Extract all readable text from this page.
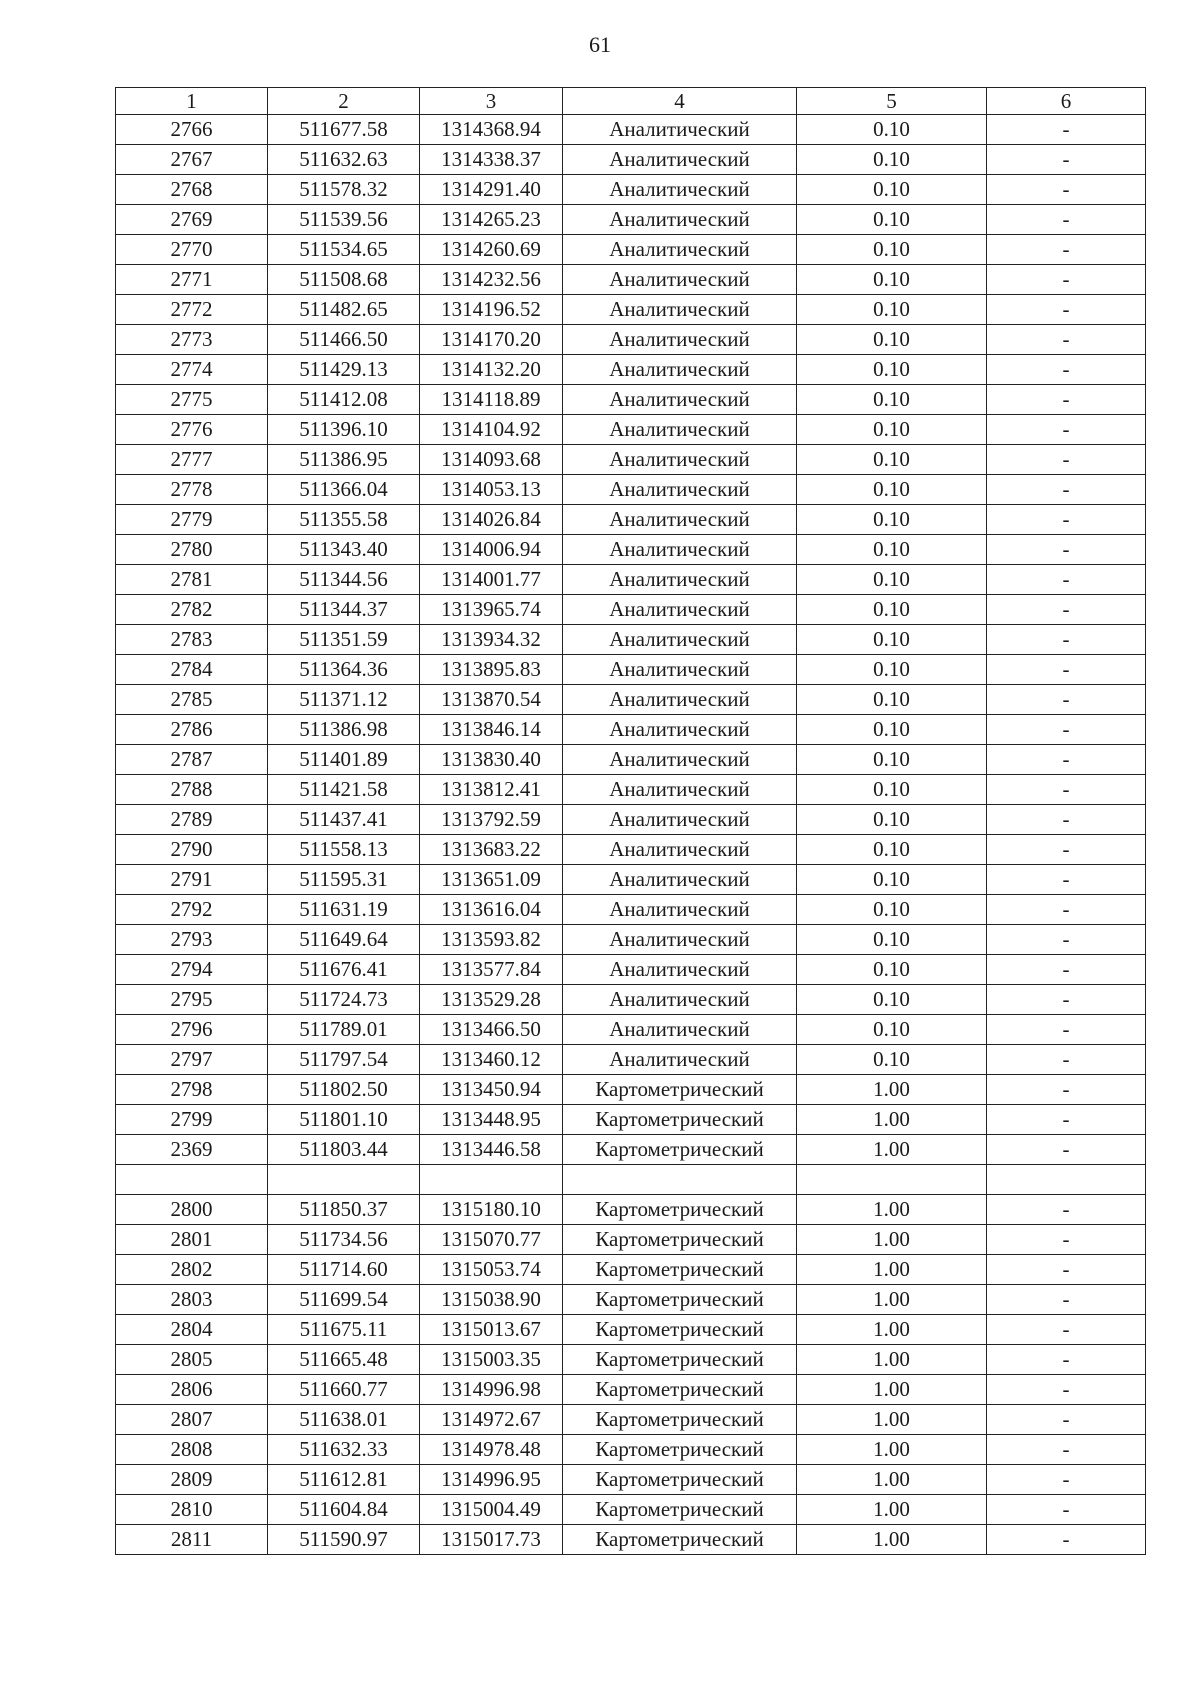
61
1	2	3	4	5	6
2766	511677.58	1314368.94	Аналитический	0.10	-
2767	511632.63	1314338.37	Аналитический	0.10	-
2768	511578.32	1314291.40	Аналитический	0.10	-
2769	511539.56	1314265.23	Аналитический	0.10	-
2770	511534.65	1314260.69	Аналитический	0.10	-
2771	511508.68	1314232.56	Аналитический	0.10	-
2772	511482.65	1314196.52	Аналитический	0.10	-
2773	511466.50	1314170.20	Аналитический	0.10	-
2774	511429.13	1314132.20	Аналитический	0.10	-
2775	511412.08	1314118.89	Аналитический	0.10	-
2776	511396.10	1314104.92	Аналитический	0.10	-
2777	511386.95	1314093.68	Аналитический	0.10	-
2778	511366.04	1314053.13	Аналитический	0.10	-
2779	511355.58	1314026.84	Аналитический	0.10	-
2780	511343.40	1314006.94	Аналитический	0.10	-
2781	511344.56	1314001.77	Аналитический	0.10	-
2782	511344.37	1313965.74	Аналитический	0.10	-
2783	511351.59	1313934.32	Аналитический	0.10	-
2784	511364.36	1313895.83	Аналитический	0.10	-
2785	511371.12	1313870.54	Аналитический	0.10	-
2786	511386.98	1313846.14	Аналитический	0.10	-
2787	511401.89	1313830.40	Аналитический	0.10	-
2788	511421.58	1313812.41	Аналитический	0.10	-
2789	511437.41	1313792.59	Аналитический	0.10	-
2790	511558.13	1313683.22	Аналитический	0.10	-
2791	511595.31	1313651.09	Аналитический	0.10	-
2792	511631.19	1313616.04	Аналитический	0.10	-
2793	511649.64	1313593.82	Аналитический	0.10	-
2794	511676.41	1313577.84	Аналитический	0.10	-
2795	511724.73	1313529.28	Аналитический	0.10	-
2796	511789.01	1313466.50	Аналитический	0.10	-
2797	511797.54	1313460.12	Аналитический	0.10	-
2798	511802.50	1313450.94	Картометрический	1.00	-
2799	511801.10	1313448.95	Картометрический	1.00	-
2369	511803.44	1313446.58	Картометрический	1.00	-

2800	511850.37	1315180.10	Картометрический	1.00	-
2801	511734.56	1315070.77	Картометрический	1.00	-
2802	511714.60	1315053.74	Картометрический	1.00	-
2803	511699.54	1315038.90	Картометрический	1.00	-
2804	511675.11	1315013.67	Картометрический	1.00	-
2805	511665.48	1315003.35	Картометрический	1.00	-
2806	511660.77	1314996.98	Картометрический	1.00	-
2807	511638.01	1314972.67	Картометрический	1.00	-
2808	511632.33	1314978.48	Картометрический	1.00	-
2809	511612.81	1314996.95	Картометрический	1.00	-
2810	511604.84	1315004.49	Картометрический	1.00	-
2811	511590.97	1315017.73	Картометрический	1.00	-
